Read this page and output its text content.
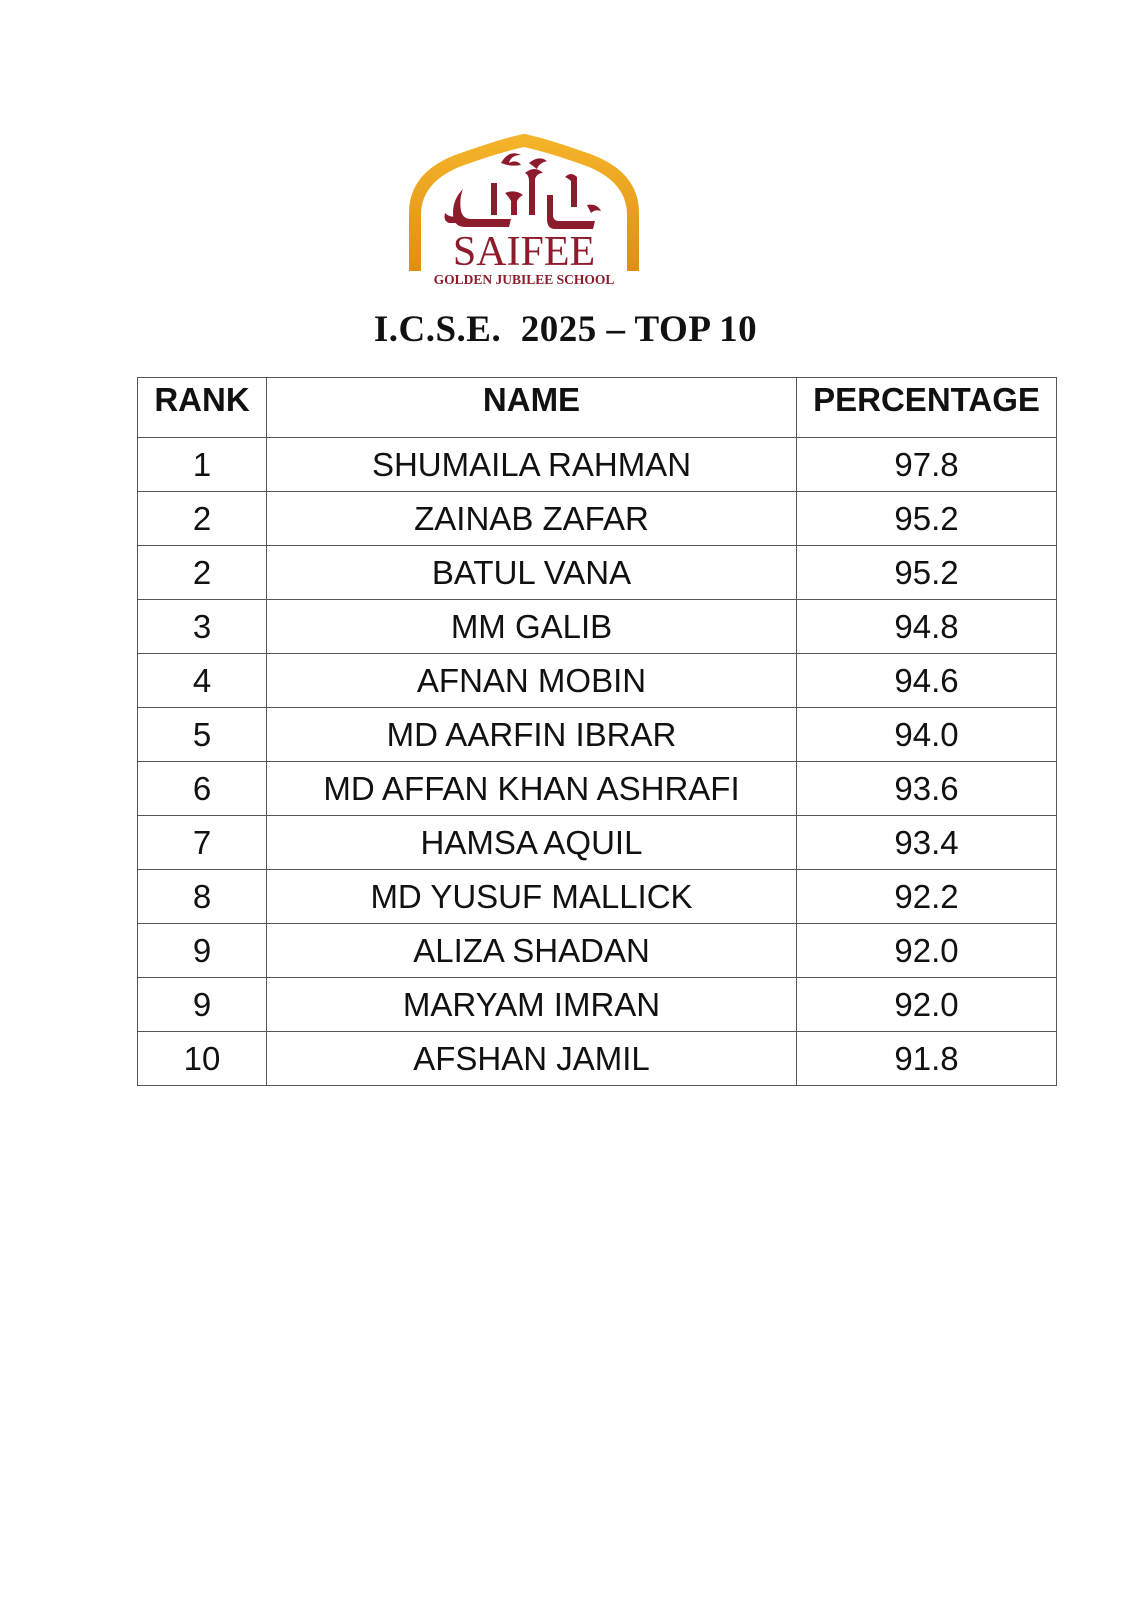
SAIFEE
GOLDEN JUBILEE SCHOOL
I.C.S.E.  2025 – TOP 10
RANK	NAME	PERCENTAGE
1	SHUMAILA RAHMAN	97.8
2	ZAINAB ZAFAR	95.2
2	BATUL VANA	95.2
3	MM GALIB	94.8
4	AFNAN MOBIN	94.6
5	MD AARFIN IBRAR	94.0
6	MD AFFAN KHAN ASHRAFI	93.6
7	HAMSA AQUIL	93.4
8	MD YUSUF MALLICK	92.2
9	ALIZA SHADAN	92.0
9	MARYAM IMRAN	92.0
10	AFSHAN JAMIL	91.8
